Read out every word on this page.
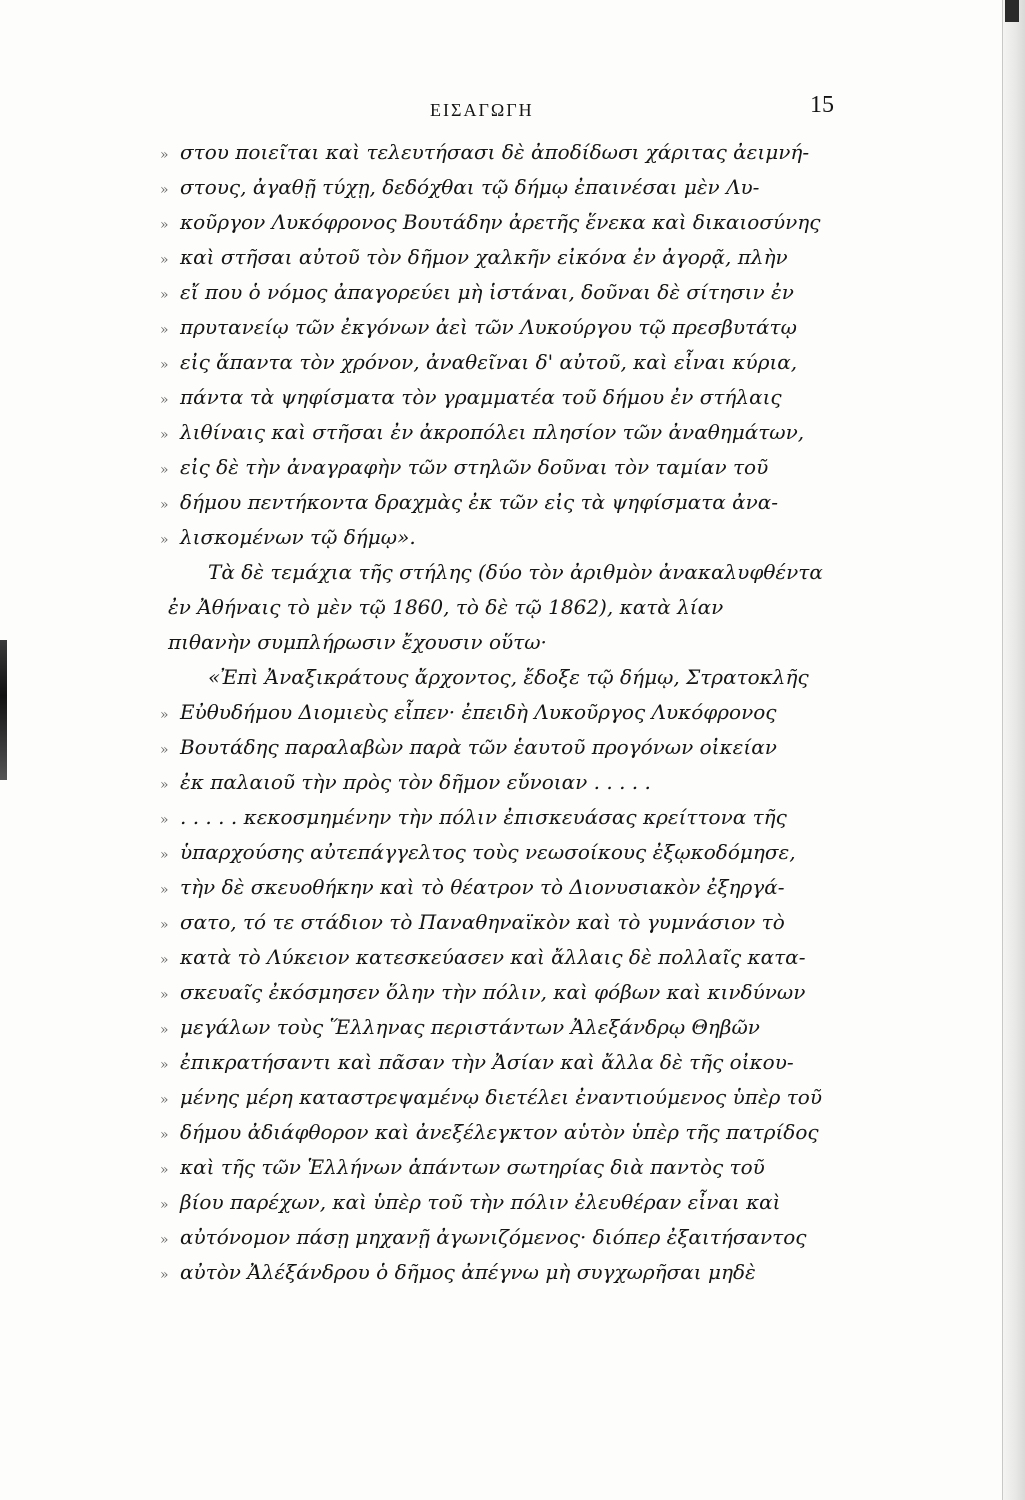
ΕΙΣΑΓΩΓΗ	15
» στου ποιεῖται καὶ τελευτήσασι δὲ ἀποδίδωσι χάριτας ἀειμνή-
» στους, ἀγαθῇ τύχῃ, δεδόχθαι τῷ δήμῳ ἐπαινέσαι μὲν Λυ-
» κοῦργον Λυκόφρονος Βουτάδην ἀρετῆς ἕνεκα καὶ δικαιοσύνης
» καὶ στῆσαι αὐτοῦ τὸν δῆμον χαλκῆν εἰκόνα ἐν ἀγορᾷ, πλὴν
» εἴ που ὁ νόμος ἀπαγορεύει μὴ ἱστάναι, δοῦναι δὲ σίτησιν ἐν
» πρυτανείῳ τῶν ἐκγόνων ἀεὶ τῶν Λυκούργου τῷ πρεσβυτάτῳ
» εἰς ἅπαντα τὸν χρόνον, ἀναθεῖναι δ' αὐτοῦ, καὶ εἶναι κύρια,
» πάντα τὰ ψηφίσματα τὸν γραμματέα τοῦ δήμου ἐν στήλαις
» λιθίναις καὶ στῆσαι ἐν ἀκροπόλει πλησίον τῶν ἀναθημάτων,
» εἰς δὲ τὴν ἀναγραφὴν τῶν στηλῶν δοῦναι τὸν ταμίαν τοῦ
» δήμου πεντήκοντα δραχμὰς ἐκ τῶν εἰς τὰ ψηφίσματα ἀνα-
» λισκομένων τῷ δήμῳ».
Τὰ δὲ τεμάχια τῆς στήλης (δύο τὸν ἀριθμὸν ἀνακαλυφθέντα
ἐν Ἀθήναις τὸ μὲν τῷ 1860, τὸ δὲ τῷ 1862), κατὰ λίαν
πιθανὴν συμπλήρωσιν ἔχουσιν οὕτω·
«Ἐπὶ Ἀναξικράτους ἄρχοντος, ἔδοξε τῷ δήμῳ, Στρατοκλῆς
» Εὐθυδήμου Διομιεὺς εἶπεν· ἐπειδὴ Λυκοῦργος Λυκόφρονος
» Βουτάδης παραλαβὼν παρὰ τῶν ἑαυτοῦ προγόνων οἰκείαν
» ἐκ παλαιοῦ τὴν πρὸς τὸν δῆμον εὔνοιαν . . . . .
» . . . . . κεκοσμημένην τὴν πόλιν ἐπισκευάσας κρείττονα τῆς
» ὑπαρχούσης αὐτεπάγγελτος τοὺς νεωσοίκους ἐξῳκοδόμησε,
» τὴν δὲ σκευοθήκην καὶ τὸ θέατρον τὸ Διονυσιακὸν ἐξηργά-
» σατο, τό τε στάδιον τὸ Παναθηναϊκὸν καὶ τὸ γυμνάσιον τὸ
» κατὰ τὸ Λύκειον κατεσκεύασεν καὶ ἄλλαις δὲ πολλαῖς κατα-
» σκευαῖς ἐκόσμησεν ὅλην τὴν πόλιν, καὶ φόβων καὶ κινδύνων
» μεγάλων τοὺς Ἕλληνας περιστάντων Ἀλεξάνδρῳ Θηβῶν
» ἐπικρατήσαντι καὶ πᾶσαν τὴν Ἀσίαν καὶ ἄλλα δὲ τῆς οἰκου-
» μένης μέρη καταστρεψαμένῳ διετέλει ἐναντιούμενος ὑπὲρ τοῦ
» δήμου ἀδιάφθορον καὶ ἀνεξέλεγκτον αὑτὸν ὑπὲρ τῆς πατρίδος
» καὶ τῆς τῶν Ἑλλήνων ἁπάντων σωτηρίας διὰ παντὸς τοῦ
» βίου παρέχων, καὶ ὑπὲρ τοῦ τὴν πόλιν ἐλευθέραν εἶναι καὶ
» αὐτόνομον πάσῃ μηχανῇ ἀγωνιζόμενος· διόπερ ἐξαιτήσαντος
» αὐτὸν Ἀλέξάνδρου ὁ δῆμος ἀπέγνω μὴ συγχωρῆσαι μηδὲ
